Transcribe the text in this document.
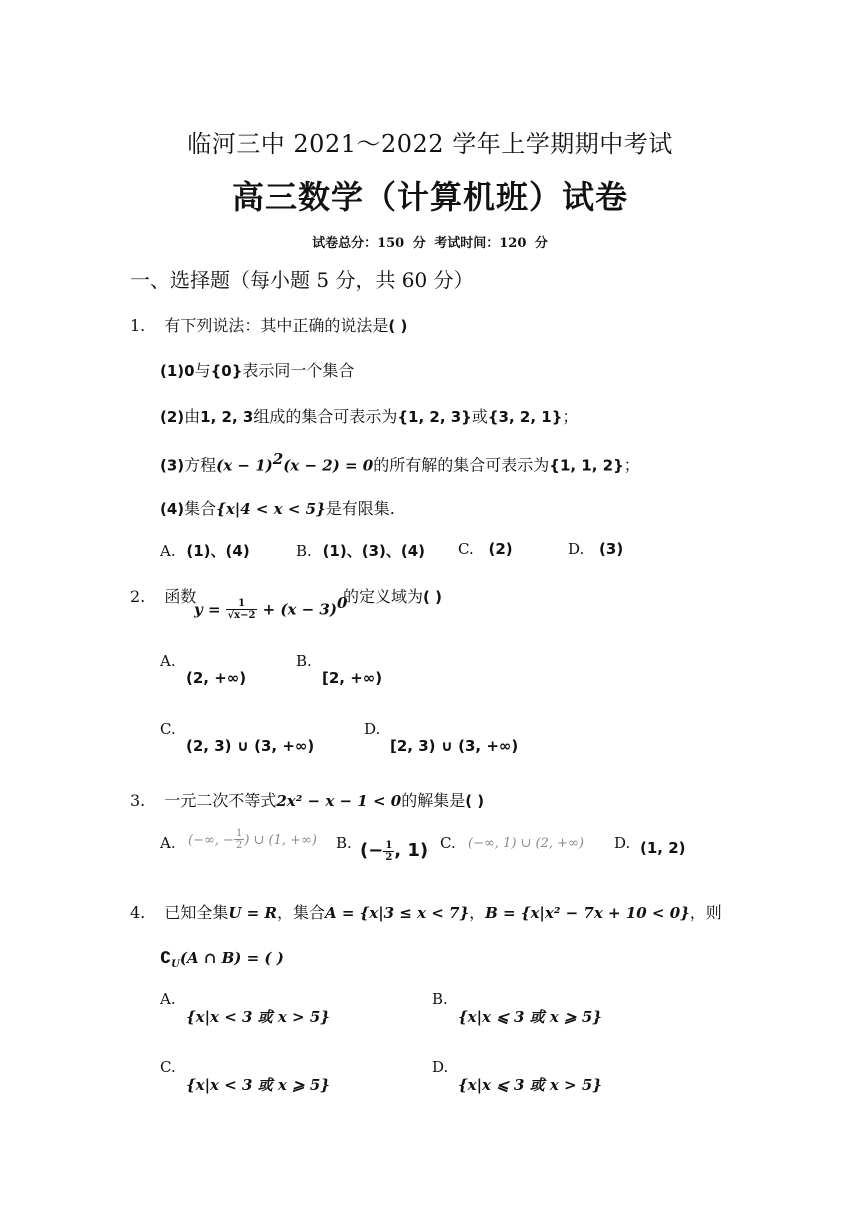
临河三中 2021～2022 学年上学期期中考试
高三数学（计算机班）试卷
试卷总分：150 分 考试时间：120 分
一、选择题（每小题 5 分，共 60 分）
1. 有下列说法：其中正确的说法是( )
(1)0与{0}表示同一个集合
(2)由1, 2, 3组成的集合可表示为{1, 2, 3}或{3, 2, 1}；
(3)方程$(x - 1)^2(x - 2) = 0$的所有解的集合可表示为{1, 1, 2}；
(4)集合{x|4 < x < 5}是有限集.
A. (1)、(4)	B. (1)、(3)、(4) C. (2)	D. (3)
2. 函数
$y = \frac{1}{√x-2} + (x - 3)^0$
的定义域为( )
A.
(2, +∞)
B.
[2, +∞)
C.
(2, 3) ∪ (3, +∞)
D.
[2, 3) ∪ (3, +∞)
3. 一元二次不等式2x² − x − 1 < 0的解集是( )
A. (−∞, − $\frac{1}{2}$ ) ∪ (1, +∞) B. (− $\frac{1}{2}$ , 1) C. (−∞, 1) ∪ (2, +∞) D. (1, 2)
4. 已知全集U = R，集合A = {x|3 ≤ x < 7}，B = {x|x² − 7x + 10 < 0}，则
$∁_U(A$ ∩ B) = ( )
A.
{x|x < 3 或 x > 5}
B.
{x|x ⩽ 3 或 x ⩾ 5}
C.
{x|x < 3 或 x ⩾ 5}
D.
{x|x ⩽ 3 或 x > 5}
